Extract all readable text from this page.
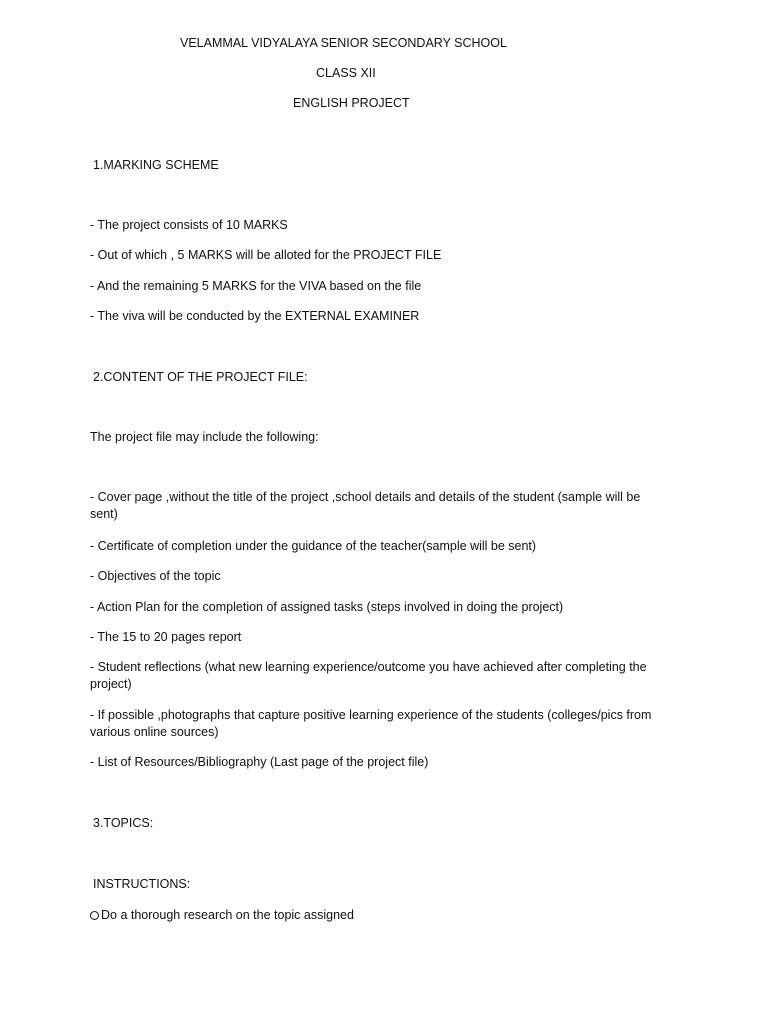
VELAMMAL VIDYALAYA SENIOR SECONDARY SCHOOL
CLASS XII
ENGLISH PROJECT
1.MARKING SCHEME
- The project consists of 10 MARKS
- Out of which , 5 MARKS will be alloted for the PROJECT FILE
- And the remaining 5 MARKS for the VIVA based on the file
- The viva will be conducted by the EXTERNAL EXAMINER
2.CONTENT OF THE PROJECT FILE:
The project file may include the following:
- Cover page ,without the title of the project ,school details and details of the student (sample will be sent)
- Certificate of completion under the guidance of the teacher(sample will be sent)
- Objectives of the topic
- Action Plan for the completion of assigned tasks (steps involved in doing the project)
- The 15 to 20 pages report
- Student reflections (what new learning experience/outcome you have achieved after completing the project)
- If possible ,photographs that capture positive learning experience of the students (colleges/pics from various online sources)
- List of Resources/Bibliography (Last page of the project file)
3.TOPICS:
INSTRUCTIONS:
Do a thorough research on the topic assigned
